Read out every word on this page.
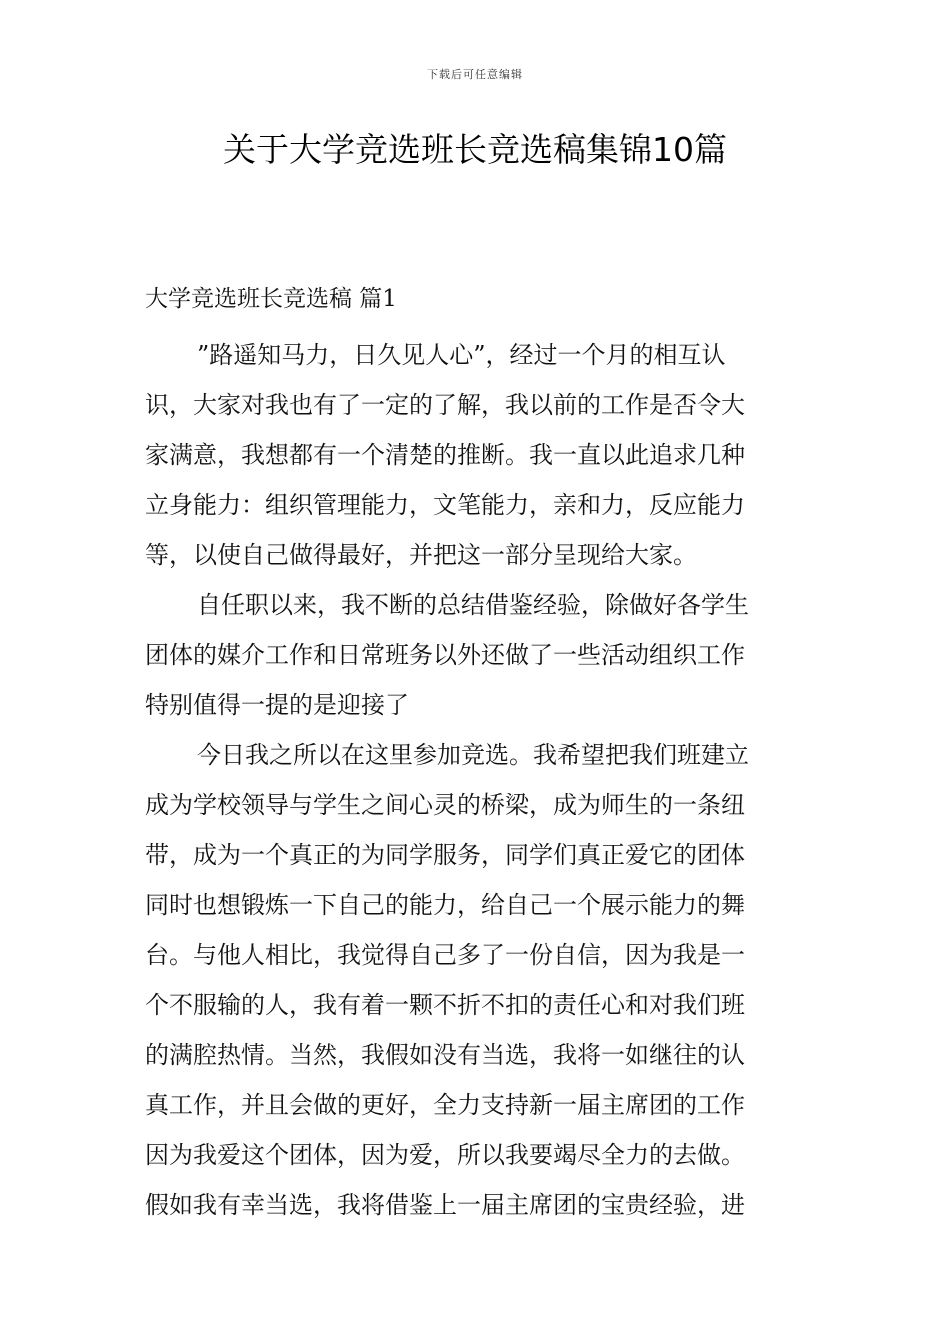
下载后可任意编辑
关于大学竞选班长竞选稿集锦10篇
大学竞选班长竞选稿 篇1
”路遥知马力，日久见人心”，经过一个月的相互认
识，大家对我也有了一定的了解，我以前的工作是否令大
家满意，我想都有一个清楚的推断。我一直以此追求几种
立身能力：组织管理能力，文笔能力，亲和力，反应能力
等，以使自己做得最好，并把这一部分呈现给大家。
自任职以来，我不断的总结借鉴经验，除做好各学生
团体的媒介工作和日常班务以外还做了一些活动组织工作
特别值得一提的是迎接了
今日我之所以在这里参加竞选。我希望把我们班建立
成为学校领导与学生之间心灵的桥梁，成为师生的一条纽
带，成为一个真正的为同学服务，同学们真正爱它的团体
同时也想锻炼一下自己的能力，给自己一个展示能力的舞
台。与他人相比，我觉得自己多了一份自信，因为我是一
个不服输的人，我有着一颗不折不扣的责任心和对我们班
的满腔热情。当然，我假如没有当选，我将一如继往的认
真工作，并且会做的更好，全力支持新一届主席团的工作
因为我爱这个团体，因为爱，所以我要竭尽全力的去做。
假如我有幸当选，我将借鉴上一届主席团的宝贵经验，进
